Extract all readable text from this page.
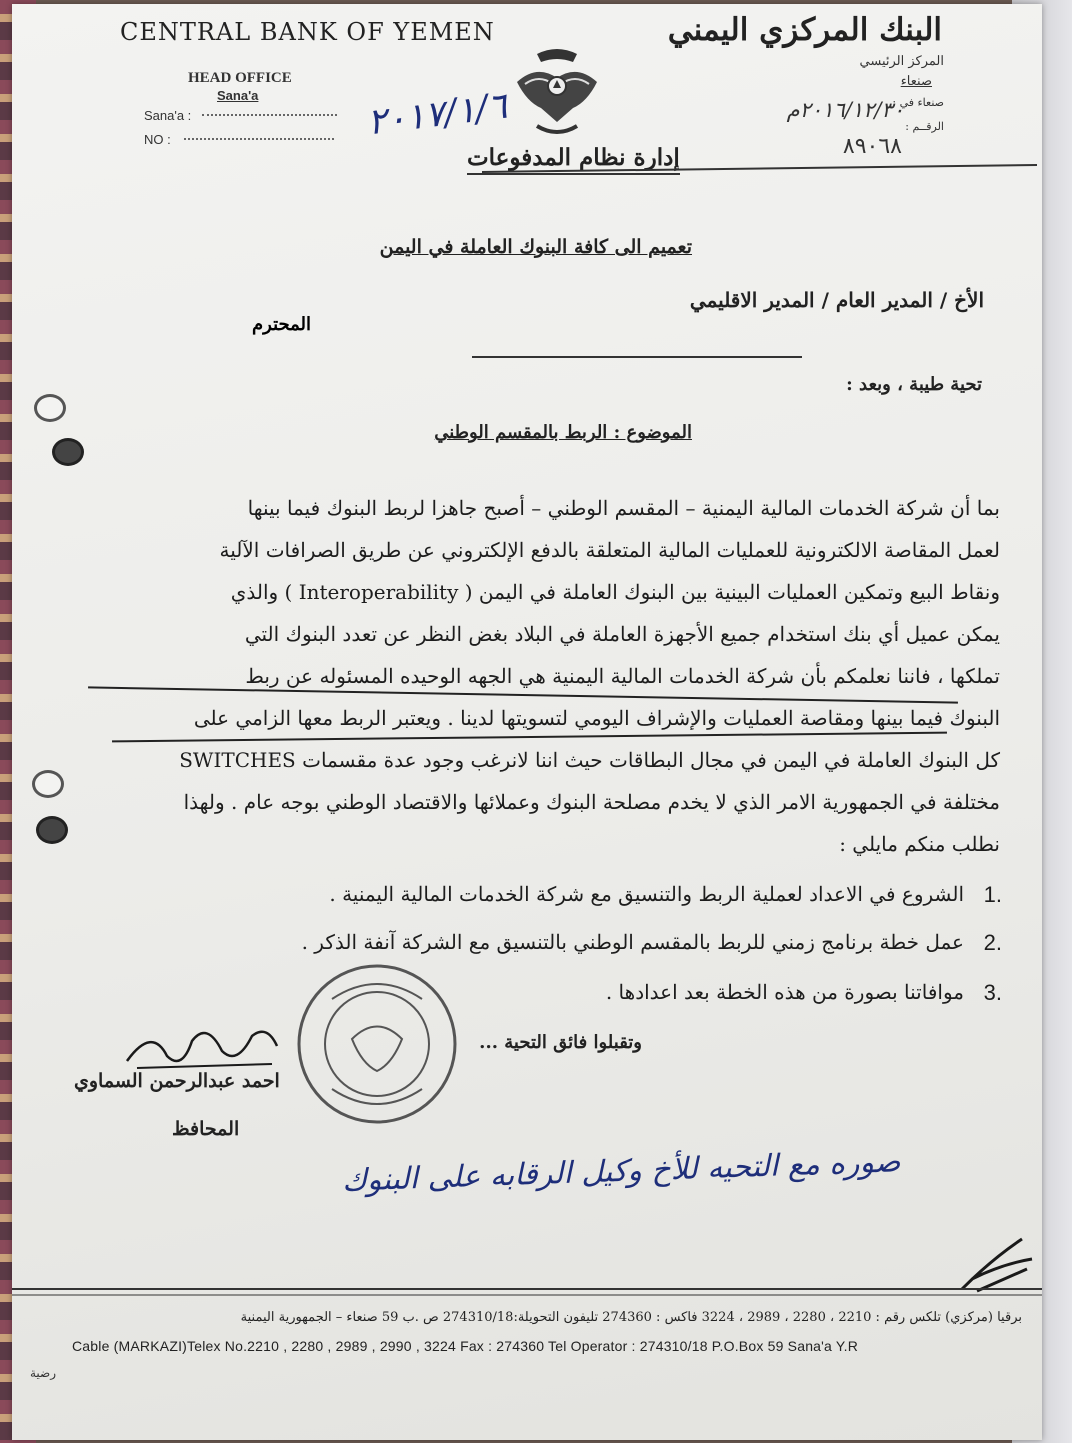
CENTRAL BANK OF YEMEN
HEAD OFFICE
Sana'a
Sana'a :
NO :	٢٠١٧/١/٦
إدارة نظام المدفوعات
البنك المركزي اليمني
المركز الرئيسي
صنعاء
صنعاء في :
٢٠١٦/١٢/٣٠م
الرقــم :
٨٩٠٦٨
تعميم الى كافة البنوك العاملة في اليمن
الأخ / المدير العام / المدير الاقليمي
المحترم
تحية طيبة ، وبعد :
الموضوع : الربط بالمقسم الوطني
بما أن شركة الخدمات المالية اليمنية – المقسم الوطني – أصبح جاهزا لربط البنوك فيما بينها
لعمل المقاصة الالكترونية للعمليات المالية المتعلقة بالدفع الإلكتروني عن طريق الصرافات الآلية
ونقاط البيع وتمكين العمليات البينية بين البنوك العاملة في اليمن ( Interoperability ) والذي
يمكن عميل أي بنك استخدام جميع الأجهزة العاملة في البلاد بغض النظر عن تعدد البنوك التي
تملكها ، فاننا نعلمكم بأن شركة الخدمات المالية اليمنية هي الجهه الوحيده المسئوله عن ربط
البنوك فيما بينها ومقاصة العمليات والإشراف اليومي لتسويتها لدينا . ويعتبر الربط معها الزامي على
كل البنوك العاملة في اليمن في مجال البطاقات حيث اننا لانرغب وجود عدة مقسمات SWITCHES
مختلفة في الجمهورية الامر الذي لا يخدم مصلحة البنوك وعملائها والاقتصاد الوطني بوجه عام . ولهذا
نطلب منكم مايلي :
1.
الشروع في الاعداد لعملية الربط والتنسيق مع شركة الخدمات المالية اليمنية .
2.
عمل خطة برنامج زمني للربط بالمقسم الوطني بالتنسيق مع الشركة آنفة الذكر .
3.
موافاتنا بصورة من هذه الخطة بعد اعدادها .
وتقبلوا فائق التحية ...
احمد عبدالرحمن السماوي
المحافظ
صوره مع التحيه للأخ وكيل الرقابه على البنوك
برقيا (مركزي) تلكس رقم : 2210 ، 2280 ، 2989 ، 3224 فاكس : 274360 تليفون التحويلة:274310/18 ص .ب 59 صنعاء – الجمهورية اليمنية
Cable (MARKAZI)Telex No.2210 , 2280 , 2989 , 2990 , 3224 Fax : 274360 Tel Operator : 274310/18 P.O.Box 59 Sana'a Y.R
رضية
